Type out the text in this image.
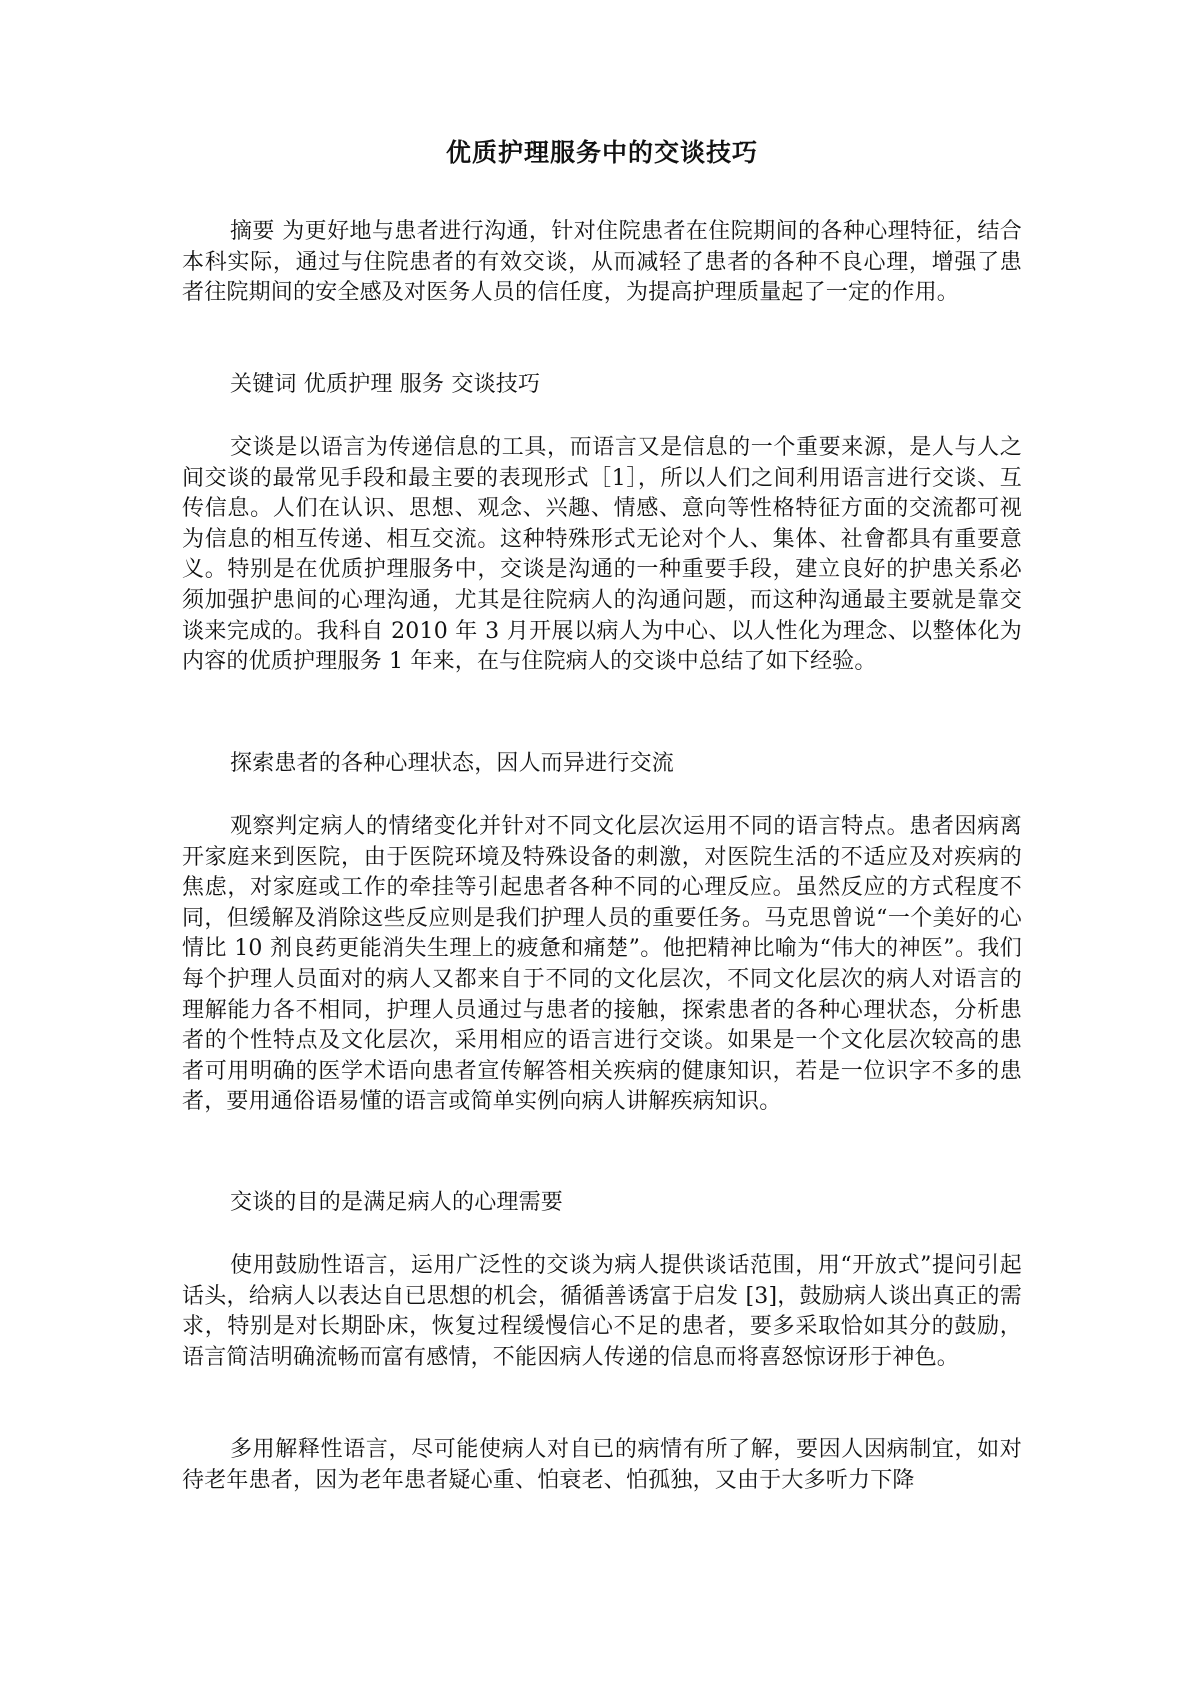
优质护理服务中的交谈技巧

摘要 为更好地与患者进行沟通，针对住院患者在住院期间的各种心理特征，结合本科实际，通过与住院患者的有效交谈，从而减轻了患者的各种不良心理，增强了患者往院期间的安全感及对医务人员的信任度，为提高护理质量起了一定的作用。

关键词 优质护理 服务 交谈技巧

交谈是以语言为传递信息的工具，而语言又是信息的一个重要来源，是人与人之间交谈的最常见手段和最主要的表现形式［1］，所以人们之间利用语言进行交谈、互传信息。人们在认识、思想、观念、兴趣、情感、意向等性格特征方面的交流都可视为信息的相互传递、相互交流。这种特殊形式无论对个人、集体、社會都具有重要意义。特别是在优质护理服务中，交谈是沟通的一种重要手段，建立良好的护患关系必须加强护患间的心理沟通，尤其是往院病人的沟通问题，而这种沟通最主要就是靠交谈来完成的。我科自 2010 年 3 月开展以病人为中心、以人性化为理念、以整体化为内容的优质护理服务 1 年来，在与住院病人的交谈中总结了如下经验。

探索患者的各种心理状态，因人而异进行交流

观察判定病人的情绪变化并针对不同文化层次运用不同的语言特点。患者因病离开家庭来到医院，由于医院环境及特殊设备的刺激，对医院生活的不适应及对疾病的焦虑，对家庭或工作的牵挂等引起患者各种不同的心理反应。虽然反应的方式程度不同，但缓解及消除这些反应则是我们护理人员的重要任务。马克思曾说“一个美好的心情比 10 剂良药更能消失生理上的疲惫和痛楚”。他把精神比喻为“伟大的神医”。我们每个护理人员面对的病人又都来自于不同的文化层次，不同文化层次的病人对语言的理解能力各不相同，护理人员通过与患者的接触，探索患者的各种心理状态，分析患者的个性特点及文化层次，采用相应的语言进行交谈。如果是一个文化层次较高的患者可用明确的医学术语向患者宣传解答相关疾病的健康知识，若是一位识字不多的患者，要用通俗语易懂的语言或简单实例向病人讲解疾病知识。

交谈的目的是满足病人的心理需要

使用鼓励性语言，运用广泛性的交谈为病人提供谈话范围，用“开放式”提问引起话头，给病人以表达自已思想的机会，循循善诱富于启发 [3]，鼓励病人谈出真正的需求，特别是对长期卧床，恢复过程缓慢信心不足的患者，要多采取恰如其分的鼓励，语言简洁明确流畅而富有感情，不能因病人传递的信息而将喜怒惊讶形于神色。

多用解释性语言，尽可能使病人对自已的病情有所了解，要因人因病制宜，如对待老年患者，因为老年患者疑心重、怕衰老、怕孤独，又由于大多听力下降
